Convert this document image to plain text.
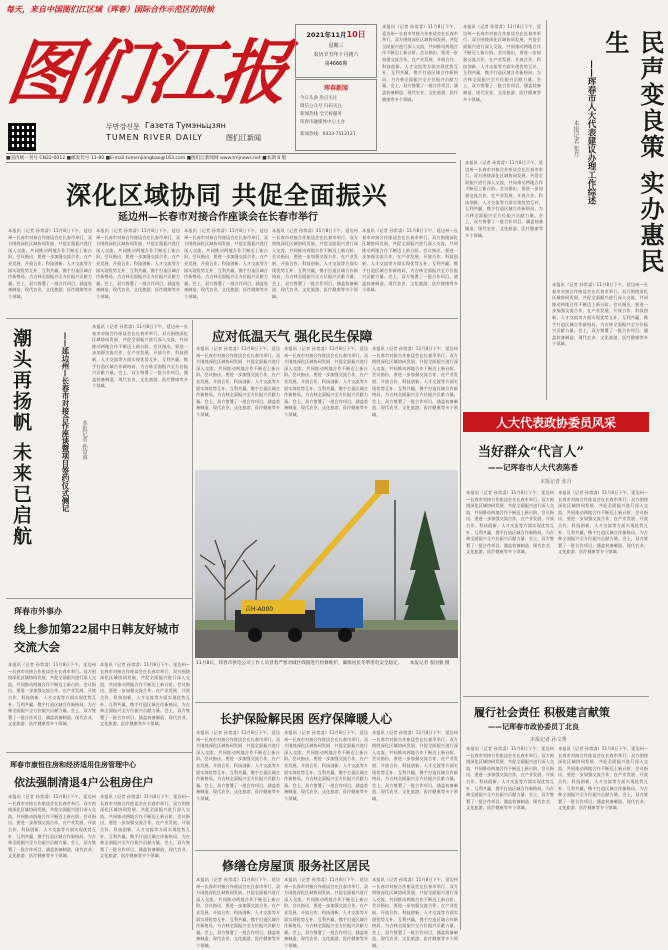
每天，来自中国图们江区域（珲春）国际合作示范区的问候
图们江报
두만강신문 Газета Тумэньцзян
TUMEN RIVER DAILY	图们江新闻
2021年11月10日
星期三
农历辛丑年十月初六
第4666期
珲春新闻
今日头条 热点关注
微信公众号 扫码关注
新闻热线 全天候服务
珲春市融媒体中心主办
新闻热线：0433-7512121
本报讯（记者 孙常睿）11月8日下午，延边州—长春市对接合作座谈会在长春市举行。双方围绕深化区域协同发展、共促全面振兴进行深入交流，共同推动两地合作不断迈上新台阶。会议指出，要进一步加强交流合作，在产业发展、开放合作、科技创新、人才交流等方面实现优势互补、互利共赢，携手打造区域合作新格局，为吉林全面振兴全方位振兴贡献力量。会上，双方签署了一批合作项目，涵盖装备制造、现代农业、文化旅游、医疗健康等多个领域。
本报讯（记者 孙常睿）11月8日下午，延边州—长春市对接合作座谈会在长春市举行。双方围绕深化区域协同发展、共促全面振兴进行深入交流，共同推动两地合作不断迈上新台阶。会议指出，要进一步加强交流合作，在产业发展、开放合作、科技创新、人才交流等方面实现优势互补、互利共赢，携手打造区域合作新格局，为吉林全面振兴全方位振兴贡献力量。会上，双方签署了一批合作项目，涵盖装备制造、现代农业、文化旅游、医疗健康等多个领域。
■国内统一刊号 CN22-0012 ■邮发代号 11-80 ■E-mail:tumenjiangbao@163.com ■图们江新闻网 www.tmjnews.net ■本期 8 版	民声变良策 实办惠民生
——珲春市人大代表建议办理工作综述
本报记者 张月
本报讯（记者 孙常睿）11月8日下午，延边州—长春市对接合作座谈会在长春市举行。双方围绕深化区域协同发展、共促全面振兴进行深入交流，共同推动两地合作不断迈上新台阶。会议指出，要进一步加强交流合作，在产业发展、开放合作、科技创新、人才交流等方面实现优势互补、互利共赢，携手打造区域合作新格局，为吉林全面振兴全方位振兴贡献力量。会上，双方签署了一批合作项目，涵盖装备制造、现代农业、文化旅游、医疗健康等多个领域。
本报讯（记者 孙常睿）11月8日下午，延边州—长春市对接合作座谈会在长春市举行。双方围绕深化区域协同发展、共促全面振兴进行深入交流，共同推动两地合作不断迈上新台阶。会议指出，要进一步加强交流合作，在产业发展、开放合作、科技创新、人才交流等方面实现优势互补、互利共赢，携手打造区域合作新格局，为吉林全面振兴全方位振兴贡献力量。会上，双方签署了一批合作项目，涵盖装备制造、现代农业、文化旅游、医疗健康等多个领域。
人大代表政协委员风采
当好群众“代言人”
——记珲春市人大代表陈香
本报记者 张月
本报讯（记者 孙常睿）11月8日下午，延边州—长春市对接合作座谈会在长春市举行。双方围绕深化区域协同发展、共促全面振兴进行深入交流，共同推动两地合作不断迈上新台阶。会议指出，要进一步加强交流合作，在产业发展、开放合作、科技创新、人才交流等方面实现优势互补、互利共赢，携手打造区域合作新格局，为吉林全面振兴全方位振兴贡献力量。会上，双方签署了一批合作项目，涵盖装备制造、现代农业、文化旅游、医疗健康等多个领域。
本报讯（记者 孙常睿）11月8日下午，延边州—长春市对接合作座谈会在长春市举行。双方围绕深化区域协同发展、共促全面振兴进行深入交流，共同推动两地合作不断迈上新台阶。会议指出，要进一步加强交流合作，在产业发展、开放合作、科技创新、人才交流等方面实现优势互补、互利共赢，携手打造区域合作新格局，为吉林全面振兴全方位振兴贡献力量。会上，双方签署了一批合作项目，涵盖装备制造、现代农业、文化旅游、医疗健康等多个领域。
履行社会责任 积极建言献策
——记珲春市政协委员丁北良
本报记者 孙文秀
本报讯（记者 孙常睿）11月8日下午，延边州—长春市对接合作座谈会在长春市举行。双方围绕深化区域协同发展、共促全面振兴进行深入交流，共同推动两地合作不断迈上新台阶。会议指出，要进一步加强交流合作，在产业发展、开放合作、科技创新、人才交流等方面实现优势互补、互利共赢，携手打造区域合作新格局，为吉林全面振兴全方位振兴贡献力量。会上，双方签署了一批合作项目，涵盖装备制造、现代农业、文化旅游、医疗健康等多个领域。
本报讯（记者 孙常睿）11月8日下午，延边州—长春市对接合作座谈会在长春市举行。双方围绕深化区域协同发展、共促全面振兴进行深入交流，共同推动两地合作不断迈上新台阶。会议指出，要进一步加强交流合作，在产业发展、开放合作、科技创新、人才交流等方面实现优势互补、互利共赢，携手打造区域合作新格局，为吉林全面振兴全方位振兴贡献力量。会上，双方签署了一批合作项目，涵盖装备制造、现代农业、文化旅游、医疗健康等多个领域。
深化区域协同 共促全面振兴
延边州—长春市对接合作座谈会在长春市举行
本报讯（记者 孙常睿）11月8日下午，延边州—长春市对接合作座谈会在长春市举行。双方围绕深化区域协同发展、共促全面振兴进行深入交流，共同推动两地合作不断迈上新台阶。会议指出，要进一步加强交流合作，在产业发展、开放合作、科技创新、人才交流等方面实现优势互补、互利共赢，携手打造区域合作新格局，为吉林全面振兴全方位振兴贡献力量。会上，双方签署了一批合作项目，涵盖装备制造、现代农业、文化旅游、医疗健康等多个领域。
本报讯（记者 孙常睿）11月8日下午，延边州—长春市对接合作座谈会在长春市举行。双方围绕深化区域协同发展、共促全面振兴进行深入交流，共同推动两地合作不断迈上新台阶。会议指出，要进一步加强交流合作，在产业发展、开放合作、科技创新、人才交流等方面实现优势互补、互利共赢，携手打造区域合作新格局，为吉林全面振兴全方位振兴贡献力量。会上，双方签署了一批合作项目，涵盖装备制造、现代农业、文化旅游、医疗健康等多个领域。
本报讯（记者 孙常睿）11月8日下午，延边州—长春市对接合作座谈会在长春市举行。双方围绕深化区域协同发展、共促全面振兴进行深入交流，共同推动两地合作不断迈上新台阶。会议指出，要进一步加强交流合作，在产业发展、开放合作、科技创新、人才交流等方面实现优势互补、互利共赢，携手打造区域合作新格局，为吉林全面振兴全方位振兴贡献力量。会上，双方签署了一批合作项目，涵盖装备制造、现代农业、文化旅游、医疗健康等多个领域。
本报讯（记者 孙常睿）11月8日下午，延边州—长春市对接合作座谈会在长春市举行。双方围绕深化区域协同发展、共促全面振兴进行深入交流，共同推动两地合作不断迈上新台阶。会议指出，要进一步加强交流合作，在产业发展、开放合作、科技创新、人才交流等方面实现优势互补、互利共赢，携手打造区域合作新格局，为吉林全面振兴全方位振兴贡献力量。会上，双方签署了一批合作项目，涵盖装备制造、现代农业、文化旅游、医疗健康等多个领域。
本报讯（记者 孙常睿）11月8日下午，延边州—长春市对接合作座谈会在长春市举行。双方围绕深化区域协同发展、共促全面振兴进行深入交流，共同推动两地合作不断迈上新台阶。会议指出，要进一步加强交流合作，在产业发展、开放合作、科技创新、人才交流等方面实现优势互补、互利共赢，携手打造区域合作新格局，为吉林全面振兴全方位振兴贡献力量。会上，双方签署了一批合作项目，涵盖装备制造、现代农业、文化旅游、医疗健康等多个领域。
潮头再扬帆 未来已启航	——延边州—长春市对接合作座谈暨项目签约仪式侧记 本报记者 孙常睿
本报讯（记者 孙常睿）11月8日下午，延边州—长春市对接合作座谈会在长春市举行。双方围绕深化区域协同发展、共促全面振兴进行深入交流，共同推动两地合作不断迈上新台阶。会议指出，要进一步加强交流合作，在产业发展、开放合作、科技创新、人才交流等方面实现优势互补、互利共赢，携手打造区域合作新格局，为吉林全面振兴全方位振兴贡献力量。会上，双方签署了一批合作项目，涵盖装备制造、现代农业、文化旅游、医疗健康等多个领域。
应对低温天气 强化民生保障
本报讯（记者 孙常睿）11月8日下午，延边州—长春市对接合作座谈会在长春市举行。双方围绕深化区域协同发展、共促全面振兴进行深入交流，共同推动两地合作不断迈上新台阶。会议指出，要进一步加强交流合作，在产业发展、开放合作、科技创新、人才交流等方面实现优势互补、互利共赢，携手打造区域合作新格局，为吉林全面振兴全方位振兴贡献力量。会上，双方签署了一批合作项目，涵盖装备制造、现代农业、文化旅游、医疗健康等多个领域。
本报讯（记者 孙常睿）11月8日下午，延边州—长春市对接合作座谈会在长春市举行。双方围绕深化区域协同发展、共促全面振兴进行深入交流，共同推动两地合作不断迈上新台阶。会议指出，要进一步加强交流合作，在产业发展、开放合作、科技创新、人才交流等方面实现优势互补、互利共赢，携手打造区域合作新格局，为吉林全面振兴全方位振兴贡献力量。会上，双方签署了一批合作项目，涵盖装备制造、现代农业、文化旅游、医疗健康等多个领域。
本报讯（记者 孙常睿）11月8日下午，延边州—长春市对接合作座谈会在长春市举行。双方围绕深化区域协同发展、共促全面振兴进行深入交流，共同推动两地合作不断迈上新台阶。会议指出，要进一步加强交流合作，在产业发展、开放合作、科技创新、人才交流等方面实现优势互补、互利共赢，携手打造区域合作新格局，为吉林全面振兴全方位振兴贡献力量。会上，双方签署了一批合作项目，涵盖装备制造、现代农业、文化旅游、医疗健康等多个领域。
吉H-A000
11月8日，珲春市供电公司工作人员冒着严寒对城区线路进行检修维护，确保居民冬季用电安全稳定。 本报记者 张国强 摄
珲春市外事办
线上参加第22届中日韩友好城市交流大会
本报讯（记者 孙常睿）11月8日下午，延边州—长春市对接合作座谈会在长春市举行。双方围绕深化区域协同发展、共促全面振兴进行深入交流，共同推动两地合作不断迈上新台阶。会议指出，要进一步加强交流合作，在产业发展、开放合作、科技创新、人才交流等方面实现优势互补、互利共赢，携手打造区域合作新格局，为吉林全面振兴全方位振兴贡献力量。会上，双方签署了一批合作项目，涵盖装备制造、现代农业、文化旅游、医疗健康等多个领域。
本报讯（记者 孙常睿）11月8日下午，延边州—长春市对接合作座谈会在长春市举行。双方围绕深化区域协同发展、共促全面振兴进行深入交流，共同推动两地合作不断迈上新台阶。会议指出，要进一步加强交流合作，在产业发展、开放合作、科技创新、人才交流等方面实现优势互补、互利共赢，携手打造区域合作新格局，为吉林全面振兴全方位振兴贡献力量。会上，双方签署了一批合作项目，涵盖装备制造、现代农业、文化旅游、医疗健康等多个领域。	长护保险解民困 医疗保障暖人心
本报讯（记者 孙常睿）11月8日下午，延边州—长春市对接合作座谈会在长春市举行。双方围绕深化区域协同发展、共促全面振兴进行深入交流，共同推动两地合作不断迈上新台阶。会议指出，要进一步加强交流合作，在产业发展、开放合作、科技创新、人才交流等方面实现优势互补、互利共赢，携手打造区域合作新格局，为吉林全面振兴全方位振兴贡献力量。会上，双方签署了一批合作项目，涵盖装备制造、现代农业、文化旅游、医疗健康等多个领域。
本报讯（记者 孙常睿）11月8日下午，延边州—长春市对接合作座谈会在长春市举行。双方围绕深化区域协同发展、共促全面振兴进行深入交流，共同推动两地合作不断迈上新台阶。会议指出，要进一步加强交流合作，在产业发展、开放合作、科技创新、人才交流等方面实现优势互补、互利共赢，携手打造区域合作新格局，为吉林全面振兴全方位振兴贡献力量。会上，双方签署了一批合作项目，涵盖装备制造、现代农业、文化旅游、医疗健康等多个领域。
本报讯（记者 孙常睿）11月8日下午，延边州—长春市对接合作座谈会在长春市举行。双方围绕深化区域协同发展、共促全面振兴进行深入交流，共同推动两地合作不断迈上新台阶。会议指出，要进一步加强交流合作，在产业发展、开放合作、科技创新、人才交流等方面实现优势互补、互利共赢，携手打造区域合作新格局，为吉林全面振兴全方位振兴贡献力量。会上，双方签署了一批合作项目，涵盖装备制造、现代农业、文化旅游、医疗健康等多个领域。
珲春市康恒住房和经济适用住房管理中心
依法强制清退4户公租房住户
本报讯（记者 孙常睿）11月8日下午，延边州—长春市对接合作座谈会在长春市举行。双方围绕深化区域协同发展、共促全面振兴进行深入交流，共同推动两地合作不断迈上新台阶。会议指出，要进一步加强交流合作，在产业发展、开放合作、科技创新、人才交流等方面实现优势互补、互利共赢，携手打造区域合作新格局，为吉林全面振兴全方位振兴贡献力量。会上，双方签署了一批合作项目，涵盖装备制造、现代农业、文化旅游、医疗健康等多个领域。
本报讯（记者 孙常睿）11月8日下午，延边州—长春市对接合作座谈会在长春市举行。双方围绕深化区域协同发展、共促全面振兴进行深入交流，共同推动两地合作不断迈上新台阶。会议指出，要进一步加强交流合作，在产业发展、开放合作、科技创新、人才交流等方面实现优势互补、互利共赢，携手打造区域合作新格局，为吉林全面振兴全方位振兴贡献力量。会上，双方签署了一批合作项目，涵盖装备制造、现代农业、文化旅游、医疗健康等多个领域。
修缮仓房屋顶 服务社区居民
本报讯（记者 孙常睿）11月8日下午，延边州—长春市对接合作座谈会在长春市举行。双方围绕深化区域协同发展、共促全面振兴进行深入交流，共同推动两地合作不断迈上新台阶。会议指出，要进一步加强交流合作，在产业发展、开放合作、科技创新、人才交流等方面实现优势互补、互利共赢，携手打造区域合作新格局，为吉林全面振兴全方位振兴贡献力量。会上，双方签署了一批合作项目，涵盖装备制造、现代农业、文化旅游、医疗健康等多个领域。
本报讯（记者 孙常睿）11月8日下午，延边州—长春市对接合作座谈会在长春市举行。双方围绕深化区域协同发展、共促全面振兴进行深入交流，共同推动两地合作不断迈上新台阶。会议指出，要进一步加强交流合作，在产业发展、开放合作、科技创新、人才交流等方面实现优势互补、互利共赢，携手打造区域合作新格局，为吉林全面振兴全方位振兴贡献力量。会上，双方签署了一批合作项目，涵盖装备制造、现代农业、文化旅游、医疗健康等多个领域。
本报讯（记者 孙常睿）11月8日下午，延边州—长春市对接合作座谈会在长春市举行。双方围绕深化区域协同发展、共促全面振兴进行深入交流，共同推动两地合作不断迈上新台阶。会议指出，要进一步加强交流合作，在产业发展、开放合作、科技创新、人才交流等方面实现优势互补、互利共赢，携手打造区域合作新格局，为吉林全面振兴全方位振兴贡献力量。会上，双方签署了一批合作项目，涵盖装备制造、现代农业、文化旅游、医疗健康等多个领域。
